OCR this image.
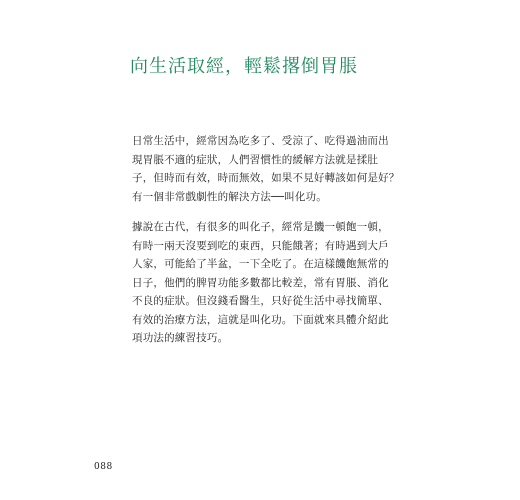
向生活取經，輕鬆撂倒胃脹
日常生活中，經常因為吃多了、受涼了、吃得過油而出
現胃脹不適的症狀，人們習慣性的緩解方法就是揉肚
子，但時而有效，時而無效，如果不見好轉該如何是好？
有一個非常戲劇性的解決方法──叫化功。
據說在古代，有很多的叫化子，經常是饑一頓飽一頓，
有時一兩天沒要到吃的東西，只能餓著；有時遇到大戶
人家，可能給了半盆，一下全吃了。在這樣饑飽無常的
日子，他們的脾胃功能多數都比較差，常有胃脹、消化
不良的症狀。但沒錢看醫生，只好從生活中尋找簡單、
有效的治療方法，這就是叫化功。下面就來具體介紹此
項功法的練習技巧。
088
